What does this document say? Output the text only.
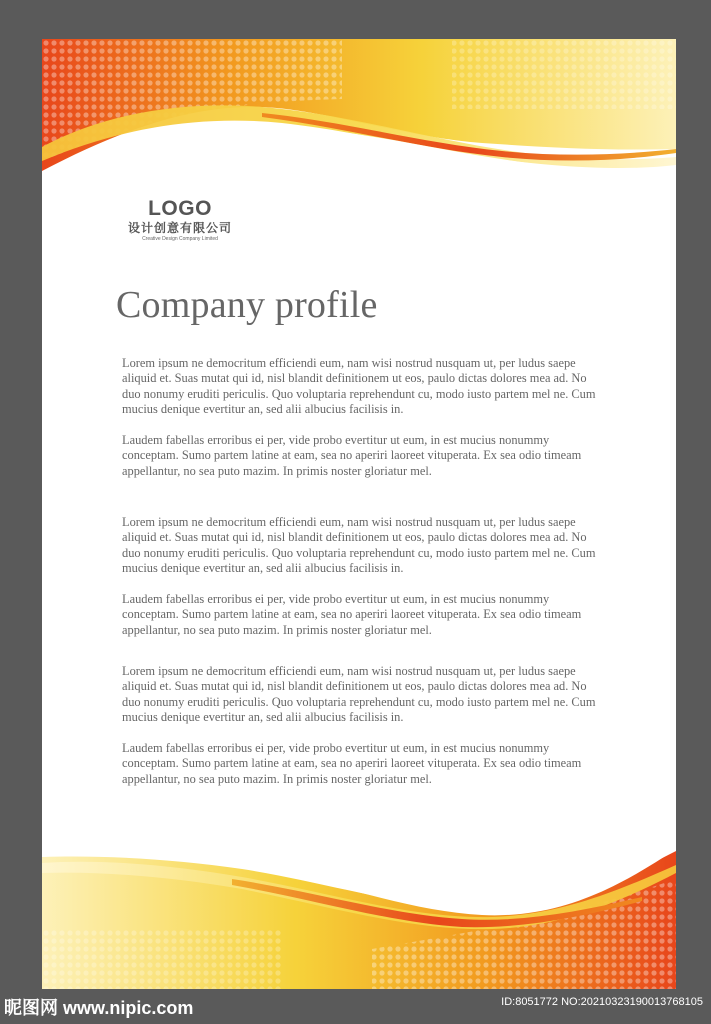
LOGO
设计创意有限公司
Creative Design Company Limited
Company profile

Lorem ipsum ne democritum efficiendi eum, nam wisi nostrud nusquam ut, per ludus saepe aliquid et. Suas mutat qui id, nisl blandit definitionem ut eos, paulo dictas dolores mea ad. No duo nonumy eruditi periculis. Quo voluptaria reprehendunt cu, modo iusto partem mel ne. Cum mucius denique evertitur an, sed alii albucius facilisis in.

Laudem fabellas erroribus ei per, vide probo evertitur ut eum, in est mucius nonummy conceptam. Sumo partem latine at eam, sea no aperiri laoreet vituperata. Ex sea odio timeam appellantur, no sea puto mazim. In primis noster gloriatur mel.

Lorem ipsum ne democritum efficiendi eum, nam wisi nostrud nusquam ut, per ludus saepe aliquid et. Suas mutat qui id, nisl blandit definitionem ut eos, paulo dictas dolores mea ad. No duo nonumy eruditi periculis. Quo voluptaria reprehendunt cu, modo iusto partem mel ne. Cum mucius denique evertitur an, sed alii albucius facilisis in.

Laudem fabellas erroribus ei per, vide probo evertitur ut eum, in est mucius nonummy conceptam. Sumo partem latine at eam, sea no aperiri laoreet vituperata. Ex sea odio timeam appellantur, no sea puto mazim. In primis noster gloriatur mel.

Lorem ipsum ne democritum efficiendi eum, nam wisi nostrud nusquam ut, per ludus saepe aliquid et. Suas mutat qui id, nisl blandit definitionem ut eos, paulo dictas dolores mea ad. No duo nonumy eruditi periculis. Quo voluptaria reprehendunt cu, modo iusto partem mel ne. Cum mucius denique evertitur an, sed alii albucius facilisis in.

Laudem fabellas erroribus ei per, vide probo evertitur ut eum, in est mucius nonummy conceptam. Sumo partem latine at eam, sea no aperiri laoreet vituperata. Ex sea odio timeam appellantur, no sea puto mazim. In primis noster gloriatur mel.

昵图网 www.nipic.com	ID:8051772 NO:20210323190013768105
